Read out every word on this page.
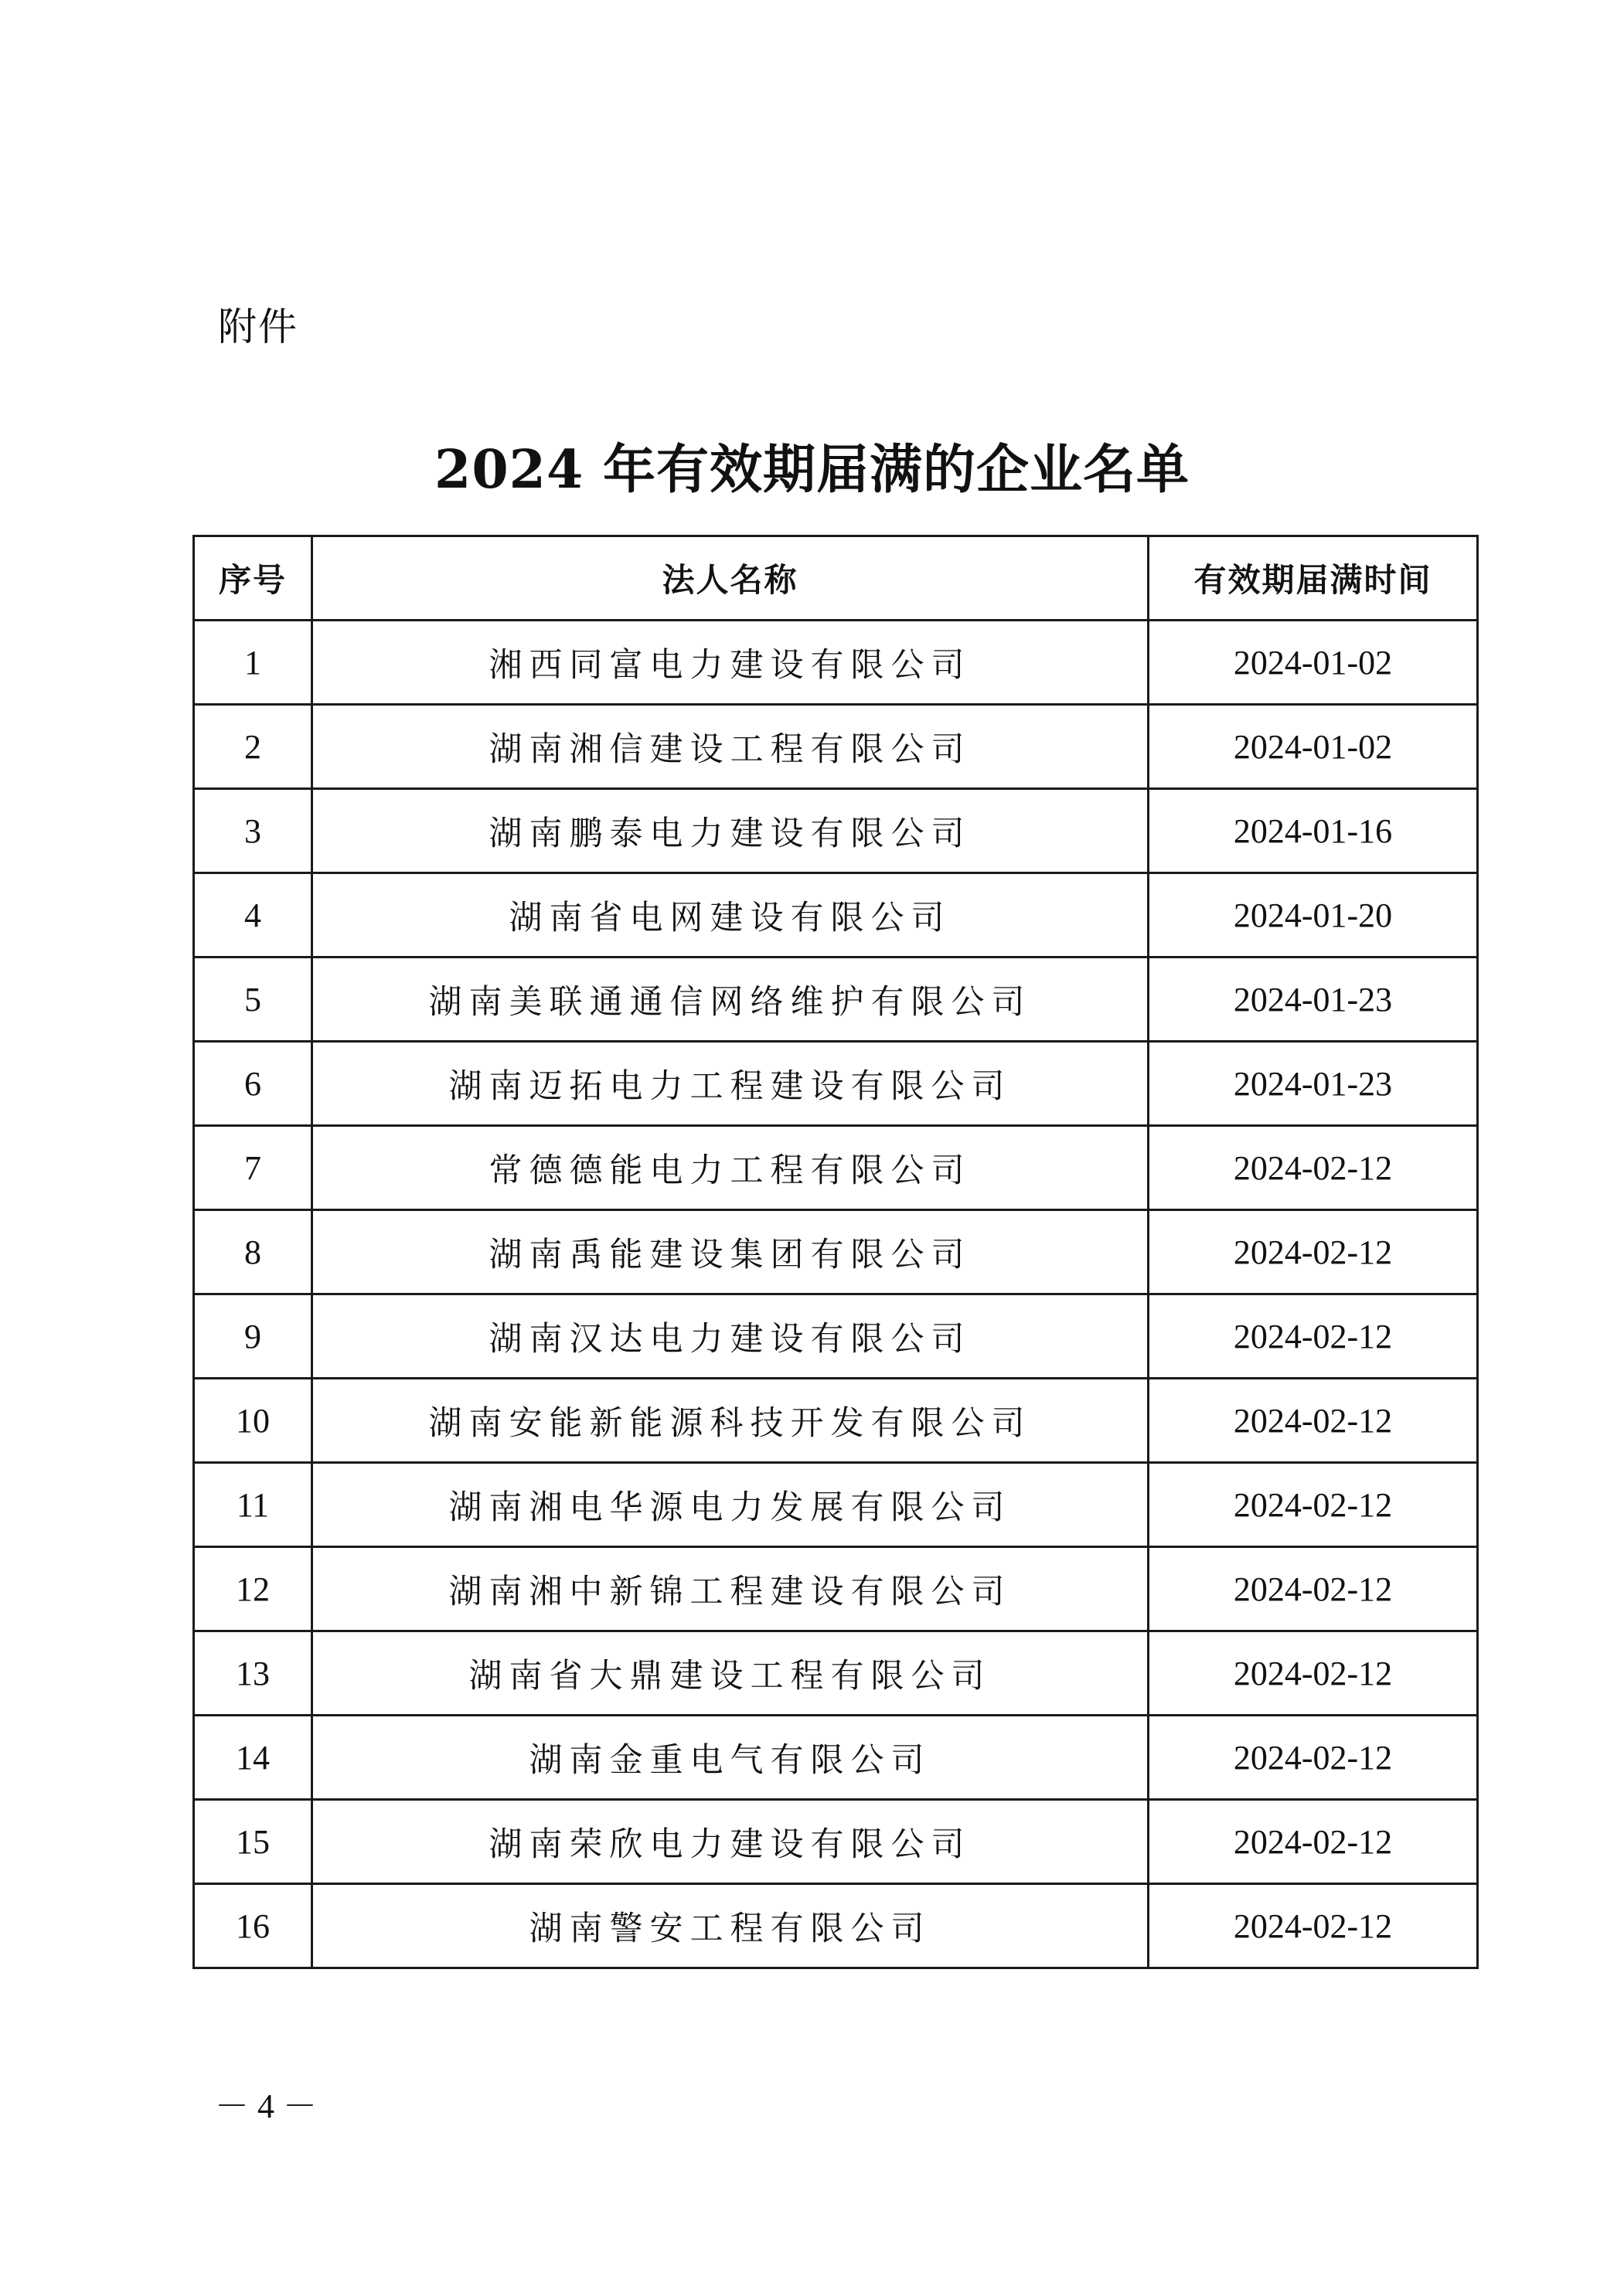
附件
2024 年有效期届满的企业名单
序号	法人名称	有效期届满时间
1	湘西同富电力建设有限公司	2024-01-02
2	湖南湘信建设工程有限公司	2024-01-02
3	湖南鹏泰电力建设有限公司	2024-01-16
4	湖南省电网建设有限公司	2024-01-20
5	湖南美联通通信网络维护有限公司	2024-01-23
6	湖南迈拓电力工程建设有限公司	2024-01-23
7	常德德能电力工程有限公司	2024-02-12
8	湖南禹能建设集团有限公司	2024-02-12
9	湖南汉达电力建设有限公司	2024-02-12
10	湖南安能新能源科技开发有限公司	2024-02-12
11	湖南湘电华源电力发展有限公司	2024-02-12
12	湖南湘中新锦工程建设有限公司	2024-02-12
13	湖南省大鼎建设工程有限公司	2024-02-12
14	湖南金重电气有限公司	2024-02-12
15	湖南荣欣电力建设有限公司	2024-02-12
16	湖南警安工程有限公司	2024-02-12
－ 4 －
